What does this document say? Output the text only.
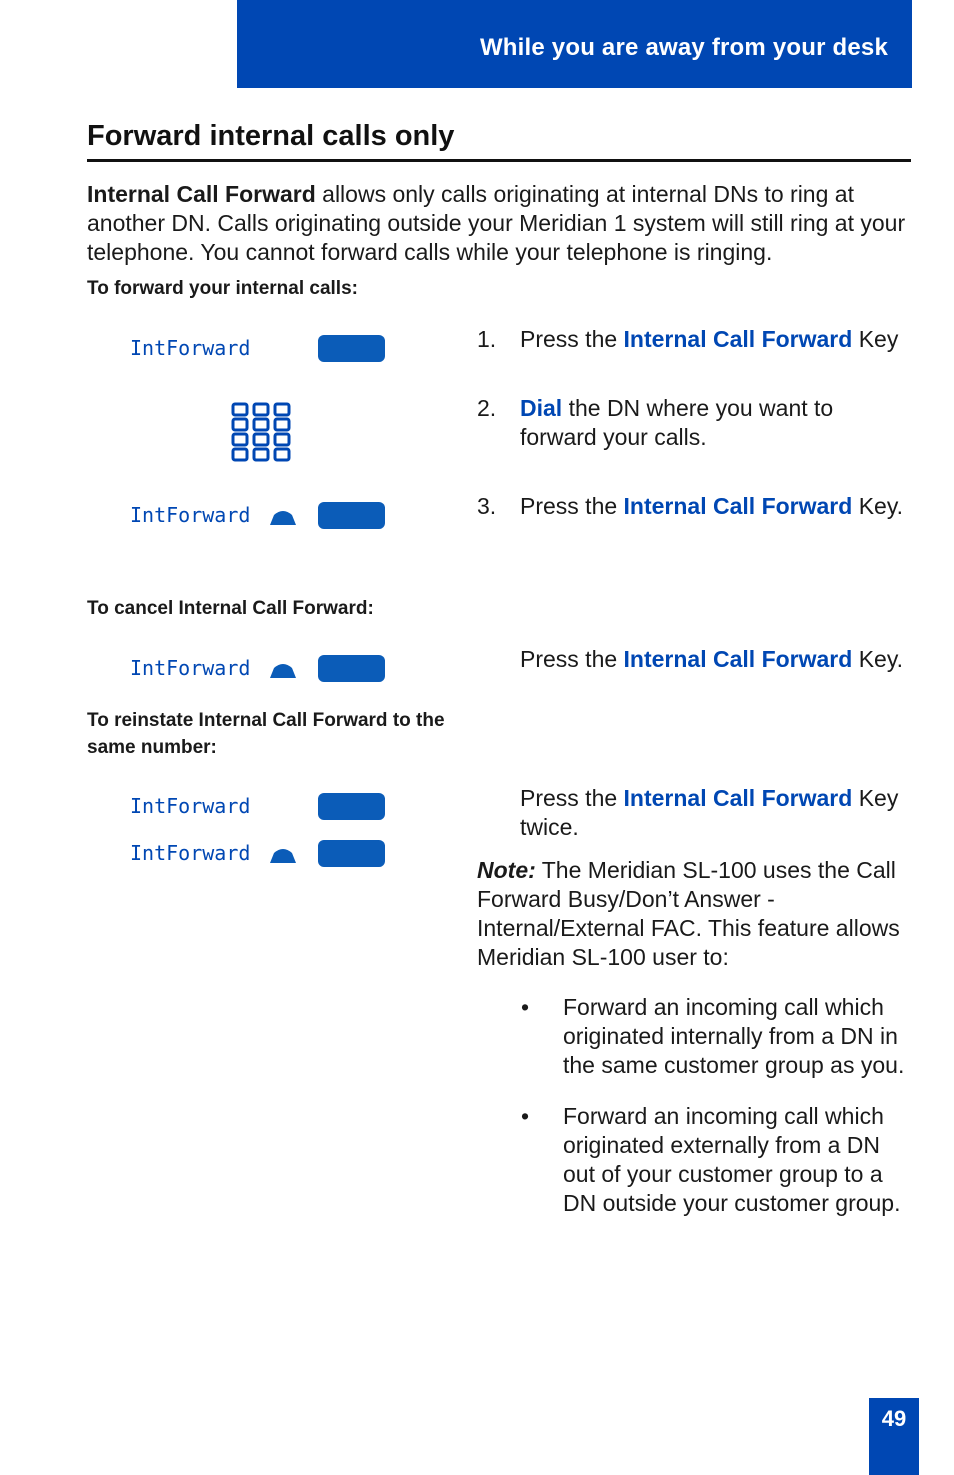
While you are away from your desk
Forward internal calls only

Internal Call Forward allows only calls originating at internal DNs to ring at another DN. Calls originating outside your Meridian 1 system will still ring at your telephone. You cannot forward calls while your telephone is ringing.

To forward your internal calls:

IntForward
IntForward
1. Press the Internal Call Forward Key

2. Dial the DN where you want to forward your calls.

3. Press the Internal Call Forward Key.

To cancel Internal Call Forward:

IntForward	Press the Internal Call Forward Key.

To reinstate Internal Call Forward to the same number:

IntForward
IntForward

Press the Internal Call Forward Key twice.

Note: The Meridian SL-100 uses the Call Forward Busy/Don’t Answer - Internal/External FAC. This feature allows Meridian SL-100 user to:

• Forward an incoming call which originated internally from a DN in the same customer group as you.

• Forward an incoming call which originated externally from a DN out of your customer group to a DN outside your customer group.

49
